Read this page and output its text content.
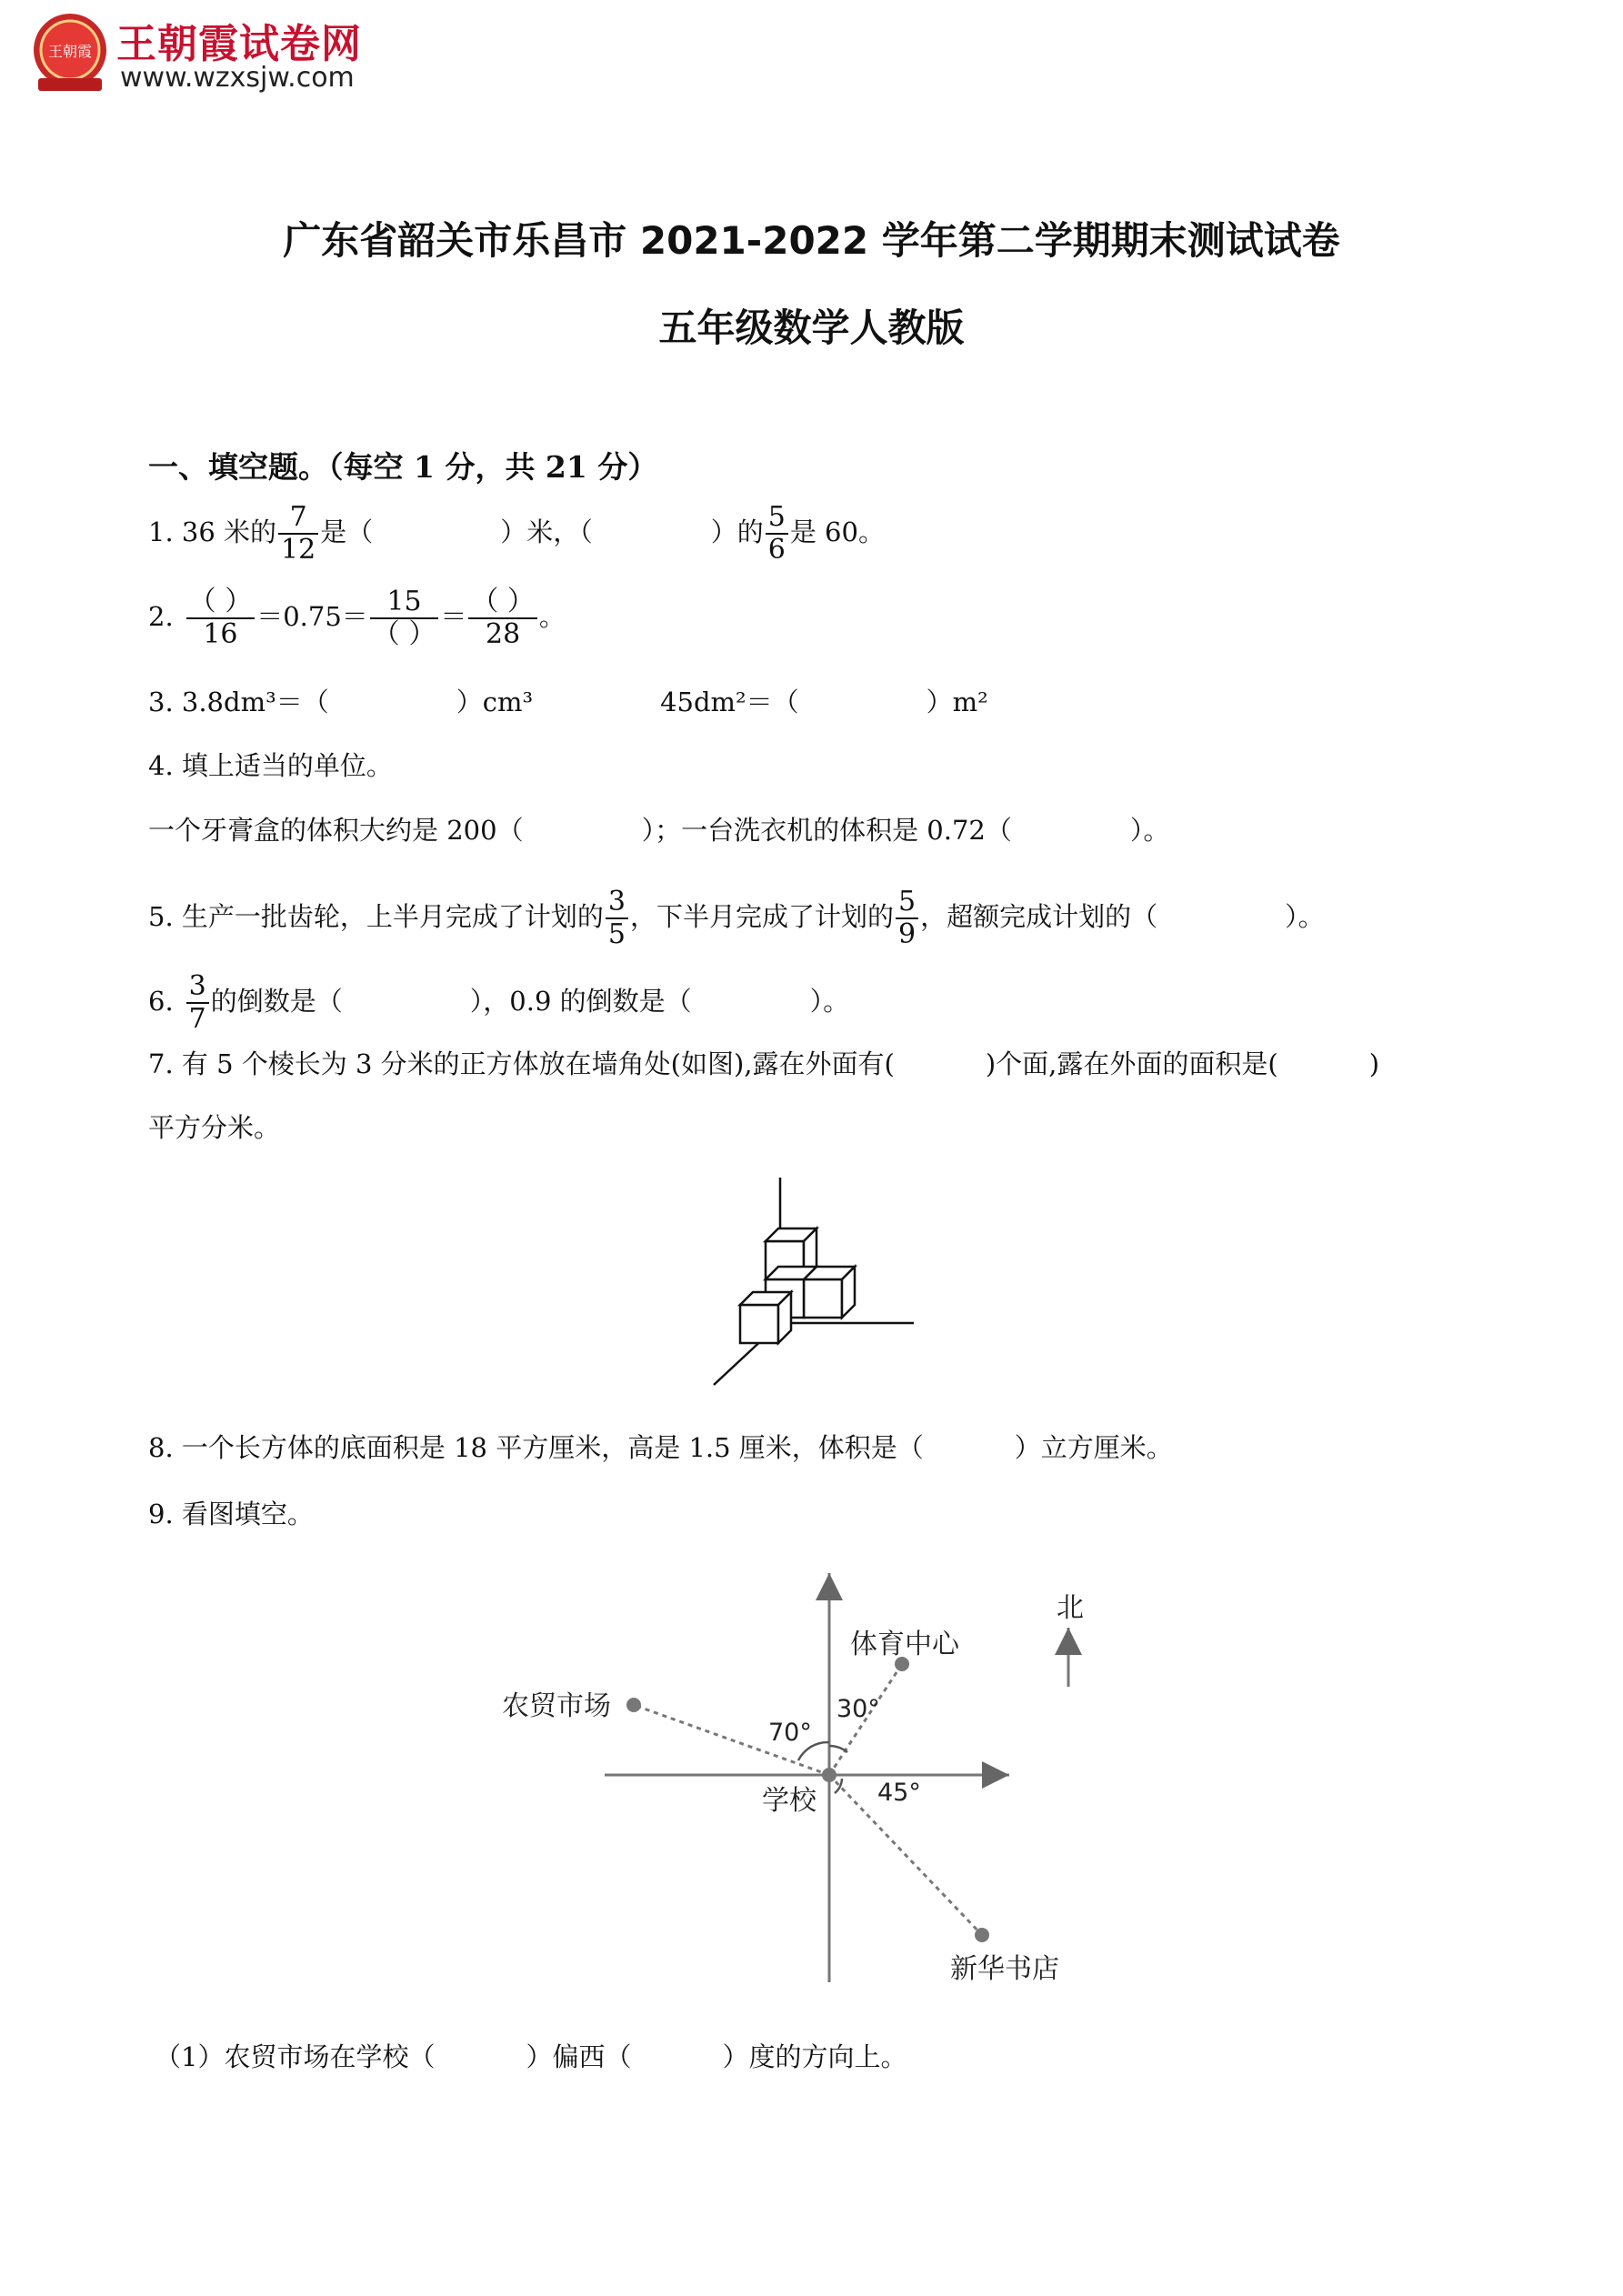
王朝霞 王朝霞试卷网
www.wzxsjw.com
广东省韶关市乐昌市 2021-2022 学年第二学期期末测试试卷
五年级数学人教版
一、填空题。（每空 1 分，共 21 分）
1. 36 米的 $\frac{7}{12}$ 是（	）米，（	）的 $\frac{5}{6}$ 是 60。
2. $\frac{( )}{16} =0.75= \frac{15}{( )} = \frac{( )}{28}$ 。
3. 3.8dm³＝（	）cm³	45dm²＝（	）m²
4. 填上适当的单位。
一个牙膏盒的体积大约是 200（	）；一台洗衣机的体积是 0.72（	）。
5. 生产一批齿轮，上半月完成了计划的 $\frac{3}{5}$ ，下半月完成了计划的 $\frac{5}{9}$ ，超额完成计划的（	）。
6. $\frac{3}{7}$ 的倒数是（	），0.9 的倒数是（	）。
7. 有 5 个棱长为 3 分米的正方体放在墙角处(如图),露在外面有(	)个面,露在外面的面积是(	)
平方分米。
8. 一个长方体的底面积是 18 平方厘米，高是 1.5 厘米，体积是（	）立方厘米。
9. 看图填空。
北
体育中心
农贸市场
学校
新华书店
70°
30°
45°
（1）农贸市场在学校（	）偏西（	）度的方向上。
